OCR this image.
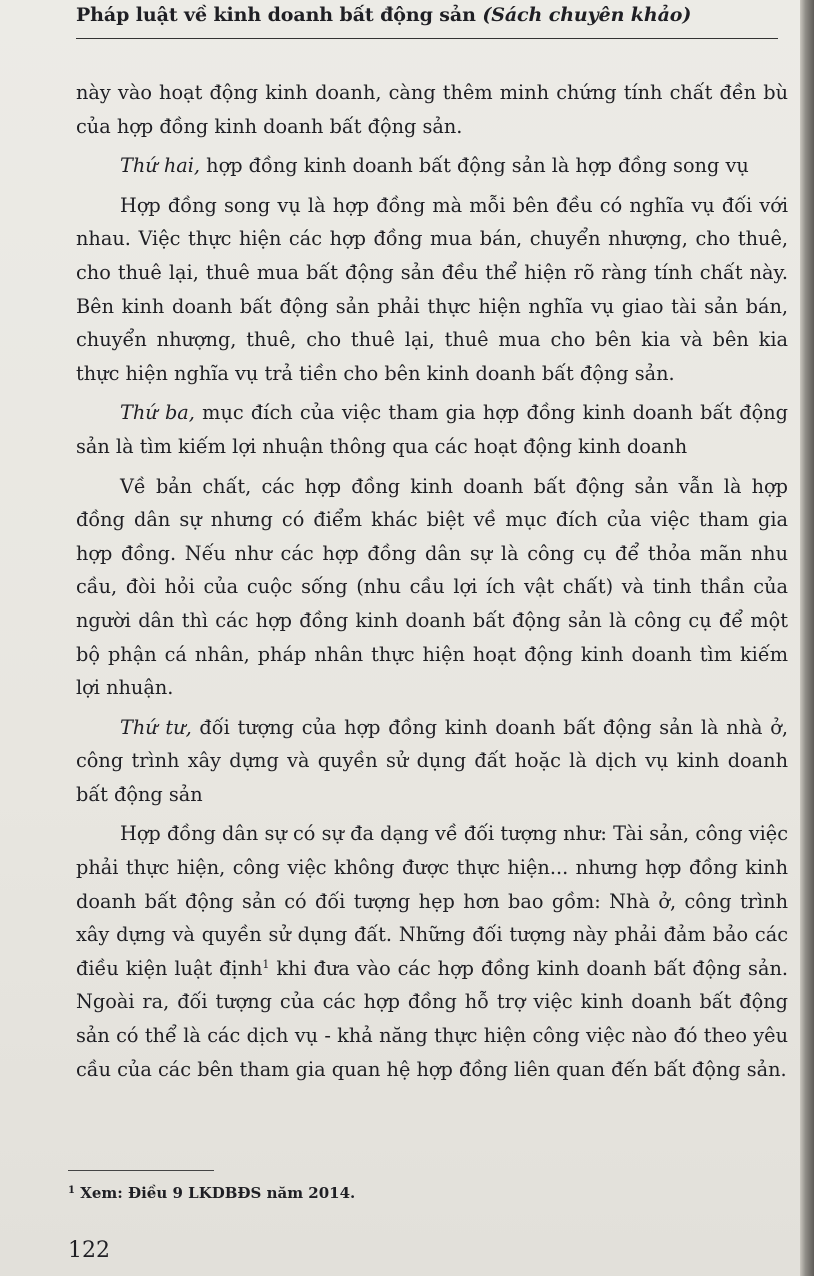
Pháp luật về kinh doanh bất động sản (Sách chuyên khảo)

này vào hoạt động kinh doanh, càng thêm minh chứng tính chất đền bù của hợp đồng kinh doanh bất động sản.

Thứ hai, hợp đồng kinh doanh bất động sản là hợp đồng song vụ

Hợp đồng song vụ là hợp đồng mà mỗi bên đều có nghĩa vụ đối với nhau. Việc thực hiện các hợp đồng mua bán, chuyển nhượng, cho thuê, cho thuê lại, thuê mua bất động sản đều thể hiện rõ ràng tính chất này. Bên kinh doanh bất động sản phải thực hiện nghĩa vụ giao tài sản bán, chuyển nhượng, thuê, cho thuê lại, thuê mua cho bên kia và bên kia thực hiện nghĩa vụ trả tiền cho bên kinh doanh bất động sản.

Thứ ba, mục đích của việc tham gia hợp đồng kinh doanh bất động sản là tìm kiếm lợi nhuận thông qua các hoạt động kinh doanh

Về bản chất, các hợp đồng kinh doanh bất động sản vẫn là hợp đồng dân sự nhưng có điểm khác biệt về mục đích của việc tham gia hợp đồng. Nếu như các hợp đồng dân sự là công cụ để thỏa mãn nhu cầu, đòi hỏi của cuộc sống (nhu cầu lợi ích vật chất) và tinh thần của người dân thì các hợp đồng kinh doanh bất động sản là công cụ để một bộ phận cá nhân, pháp nhân thực hiện hoạt động kinh doanh tìm kiếm lợi nhuận.

Thứ tư, đối tượng của hợp đồng kinh doanh bất động sản là nhà ở, công trình xây dựng và quyền sử dụng đất hoặc là dịch vụ kinh doanh bất động sản

Hợp đồng dân sự có sự đa dạng về đối tượng như: Tài sản, công việc phải thực hiện, công việc không được thực hiện... nhưng hợp đồng kinh doanh bất động sản có đối tượng hẹp hơn bao gồm: Nhà ở, công trình xây dựng và quyền sử dụng đất. Những đối tượng này phải đảm bảo các điều kiện luật định$^1$ khi đưa vào các hợp đồng kinh doanh bất động sản. Ngoài ra, đối tượng của các hợp đồng hỗ trợ việc kinh doanh bất động sản có thể là các dịch vụ - khả năng thực hiện công việc nào đó theo yêu cầu của các bên tham gia quan hệ hợp đồng liên quan đến bất động sản.

$^1$ Xem: Điều 9 LKDBĐS năm 2014.
122
